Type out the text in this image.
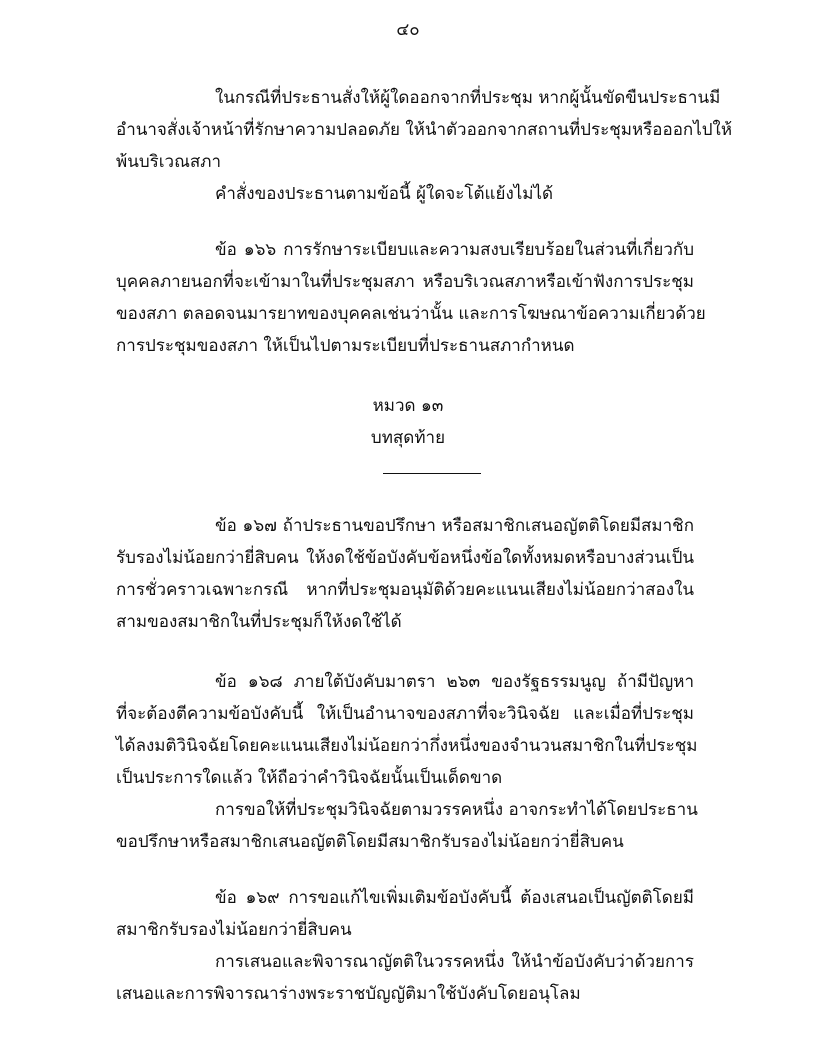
๔๐
ในกรณีที่ประธานสั่งให้ผู้ใดออกจากที่ประชุม หากผู้นั้นขัดขืนประธานมี
อำนาจสั่งเจ้าหน้าที่รักษาความปลอดภัย ให้นำตัวออกจากสถานที่ประชุมหรือออกไปให้
พ้นบริเวณสภา
คำสั่งของประธานตามข้อนี้ ผู้ใดจะโต้แย้งไม่ได้
ข้อ ๑๖๖ การรักษาระเบียบและความสงบเรียบร้อยในส่วนที่เกี่ยวกับ
บุคคลภายนอกที่จะเข้ามาในที่ประชุมสภา หรือบริเวณสภาหรือเข้าฟังการประชุม
ของสภา ตลอดจนมารยาทของบุคคลเช่นว่านั้น และการโฆษณาข้อความเกี่ยวด้วย
การประชุมของสภา ให้เป็นไปตามระเบียบที่ประธานสภากำหนด
หมวด ๑๓
บทสุดท้าย
ข้อ ๑๖๗ ถ้าประธานขอปรึกษา หรือสมาชิกเสนอญัตติโดยมีสมาชิก
รับรองไม่น้อยกว่ายี่สิบคน ให้งดใช้ข้อบังคับข้อหนึ่งข้อใดทั้งหมดหรือบางส่วนเป็น
การชั่วคราวเฉพาะกรณี หากที่ประชุมอนุมัติด้วยคะแนนเสียงไม่น้อยกว่าสองใน
สามของสมาชิกในที่ประชุมก็ให้งดใช้ได้
ข้อ ๑๖๘ ภายใต้บังคับมาตรา ๒๖๓ ของรัฐธรรมนูญ ถ้ามีปัญหา
ที่จะต้องตีความข้อบังคับนี้ ให้เป็นอำนาจของสภาที่จะวินิจฉัย และเมื่อที่ประชุม
ได้ลงมติวินิจฉัยโดยคะแนนเสียงไม่น้อยกว่ากึ่งหนึ่งของจำนวนสมาชิกในที่ประชุม
เป็นประการใดแล้ว ให้ถือว่าคำวินิจฉัยนั้นเป็นเด็ดขาด
การขอให้ที่ประชุมวินิจฉัยตามวรรคหนึ่ง อาจกระทำได้โดยประธาน
ขอปรึกษาหรือสมาชิกเสนอญัตติโดยมีสมาชิกรับรองไม่น้อยกว่ายี่สิบคน
ข้อ ๑๖๙ การขอแก้ไขเพิ่มเติมข้อบังคับนี้ ต้องเสนอเป็นญัตติโดยมี
สมาชิกรับรองไม่น้อยกว่ายี่สิบคน
การเสนอและพิจารณาญัตติในวรรคหนึ่ง ให้นำข้อบังคับว่าด้วยการ
เสนอและการพิจารณาร่างพระราชบัญญัติมาใช้บังคับโดยอนุโลม
